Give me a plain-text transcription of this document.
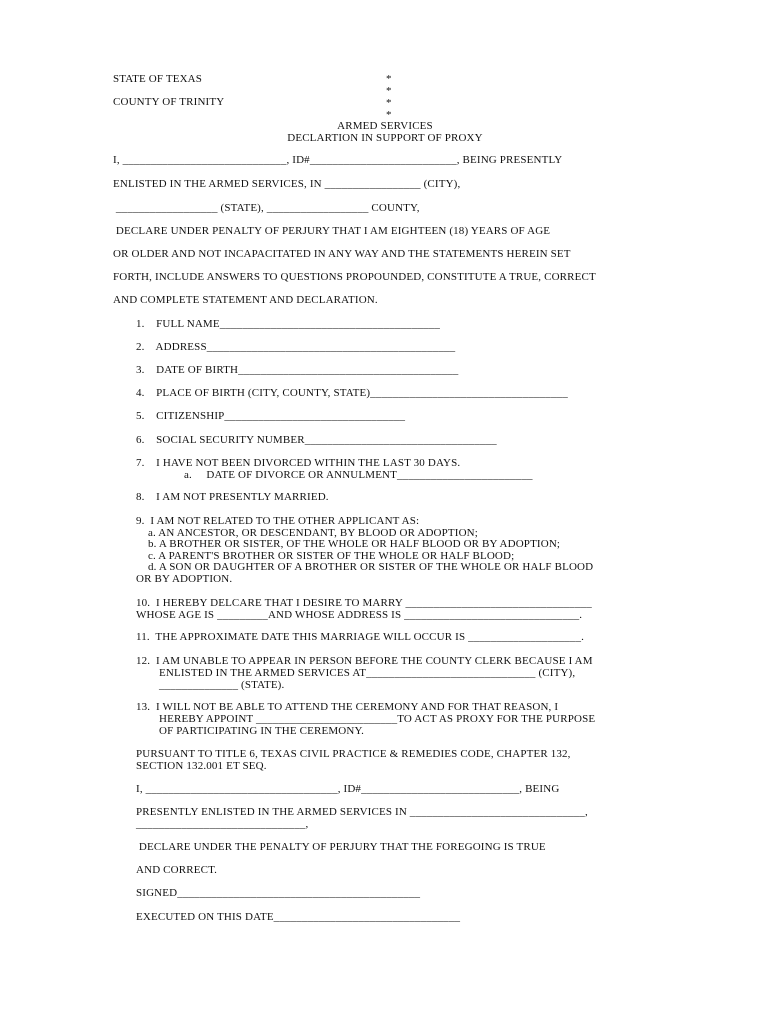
STATE OF TEXAS
COUNTY OF TRINITY
*
*
*
*
ARMED SERVICES
DECLARTION IN SUPPORT OF PROXY
I, _____________________________, ID#__________________________, BEING PRESENTLY
ENLISTED IN THE ARMED SERVICES, IN _________________ (CITY),
__________________ (STATE), __________________ COUNTY,
DECLARE UNDER PENALTY OF PERJURY THAT I AM EIGHTEEN (18) YEARS OF AGE
OR OLDER AND NOT INCAPACITATED IN ANY WAY AND THE STATEMENTS HEREIN SET
FORTH, INCLUDE ANSWERS TO QUESTIONS PROPOUNDED, CONSTITUTE A TRUE, CORRECT
AND COMPLETE STATEMENT AND DECLARATION.
1.    FULL NAME_______________________________________
2.    ADDRESS____________________________________________
3.    DATE OF BIRTH_______________________________________
4.    PLACE OF BIRTH (CITY, COUNTY, STATE)___________________________________
5.    CITIZENSHIP________________________________
6.    SOCIAL SECURITY NUMBER__________________________________
7.    I HAVE NOT BEEN DIVORCED WITHIN THE LAST 30 DAYS.
a.     DATE OF DIVORCE OR ANNULMENT________________________
8.    I AM NOT PRESENTLY MARRIED.
9.  I AM NOT RELATED TO THE OTHER APPLICANT AS:
a. AN ANCESTOR, OR DESCENDANT, BY BLOOD OR ADOPTION;
b. A BROTHER OR SISTER, OF THE WHOLE OR HALF BLOOD OR BY ADOPTION;
c. A PARENT'S BROTHER OR SISTER OF THE WHOLE OR HALF BLOOD;
d. A SON OR DAUGHTER OF A BROTHER OR SISTER OF THE WHOLE OR HALF BLOOD
OR BY ADOPTION.
10.  I HEREBY DELCARE THAT I DESIRE TO MARRY _________________________________
WHOSE AGE IS _________AND WHOSE ADDRESS IS _______________________________.
11.  THE APPROXIMATE DATE THIS MARRIAGE WILL OCCUR IS ____________________.
12.  I AM UNABLE TO APPEAR IN PERSON BEFORE THE COUNTY CLERK BECAUSE I AM
ENLISTED IN THE ARMED SERVICES AT______________________________ (CITY),
______________ (STATE).
13.  I WILL NOT BE ABLE TO ATTEND THE CEREMONY AND FOR THAT REASON, I
HEREBY APPOINT _________________________TO ACT AS PROXY FOR THE PURPOSE
OF PARTICIPATING IN THE CEREMONY.
PURSUANT TO TITLE 6, TEXAS CIVIL PRACTICE & REMEDIES CODE, CHAPTER 132,
SECTION 132.001 ET SEQ.
I, __________________________________, ID#____________________________, BEING
PRESENTLY ENLISTED IN THE ARMED SERVICES IN _______________________________,
______________________________,
DECLARE UNDER THE PENALTY OF PERJURY THAT THE FOREGOING IS TRUE
AND CORRECT.
SIGNED___________________________________________
EXECUTED ON THIS DATE_________________________________
